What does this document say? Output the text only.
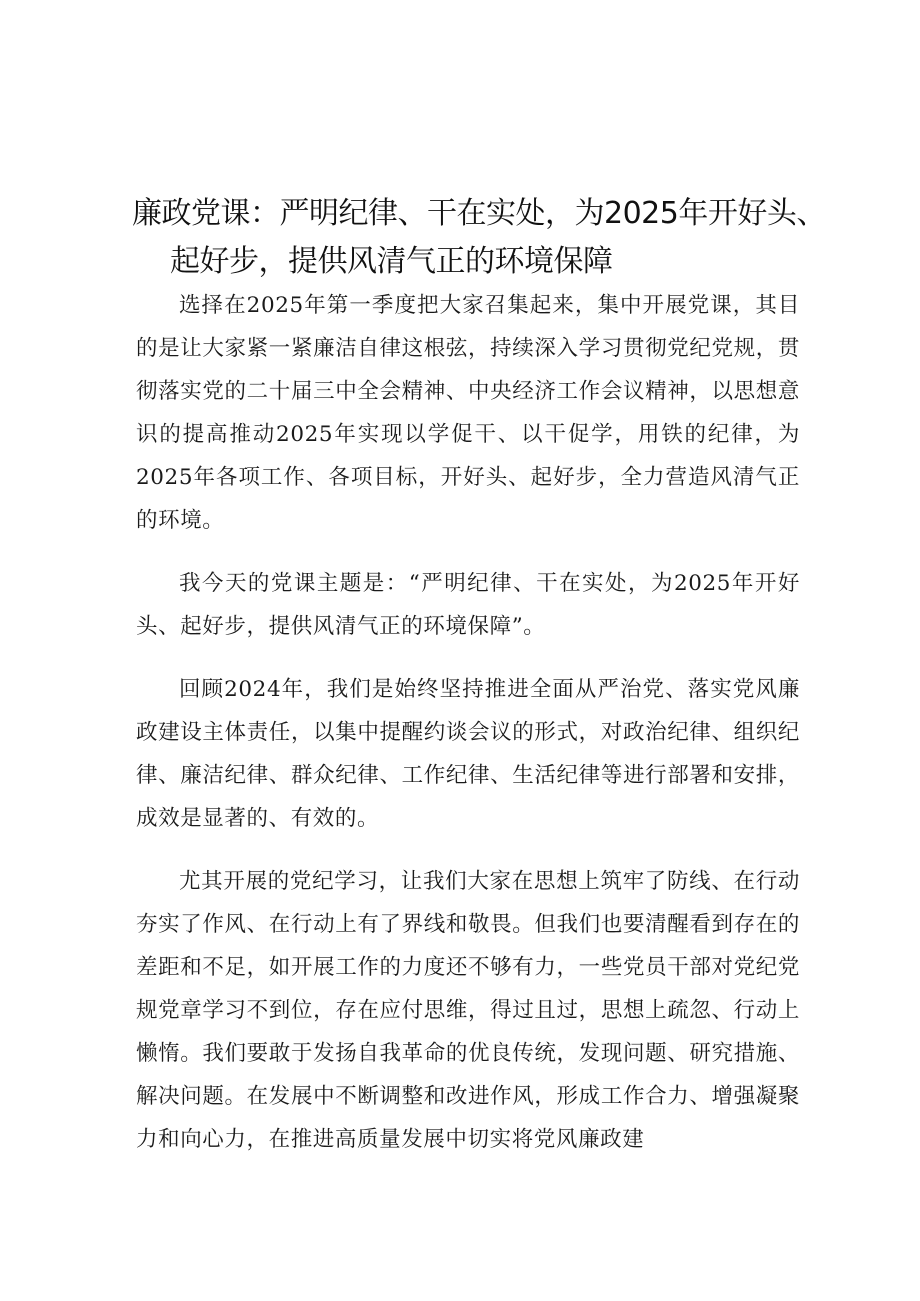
廉政党课：严明纪律、干在实处，为2025年开好头、
起好步，提供风清气正的环境保障

选择在2025年第一季度把大家召集起来，集中开展党课，其目的是让大家紧一紧廉洁自律这根弦，持续深入学习贯彻党纪党规，贯彻落实党的二十届三中全会精神、中央经济工作会议精神，以思想意识的提高推动2025年实现以学促干、以干促学，用铁的纪律，为2025年各项工作、各项目标，开好头、起好步，全力营造风清气正的环境。

我今天的党课主题是：“严明纪律、干在实处，为2025年开好头、起好步，提供风清气正的环境保障”。

回顾2024年，我们是始终坚持推进全面从严治党、落实党风廉政建设主体责任，以集中提醒约谈会议的形式，对政治纪律、组织纪律、廉洁纪律、群众纪律、工作纪律、生活纪律等进行部署和安排，成效是显著的、有效的。

尤其开展的党纪学习，让我们大家在思想上筑牢了防线、在行动夯实了作风、在行动上有了界线和敬畏。但我们也要清醒看到存在的差距和不足，如开展工作的力度还不够有力，一些党员干部对党纪党规党章学习不到位，存在应付思维，得过且过，思想上疏忽、行动上懒惰。我们要敢于发扬自我革命的优良传统，发现问题、研究措施、解决问题。在发展中不断调整和改进作风，形成工作合力、增强凝聚力和向心力，在推进高质量发展中切实将党风廉政建
